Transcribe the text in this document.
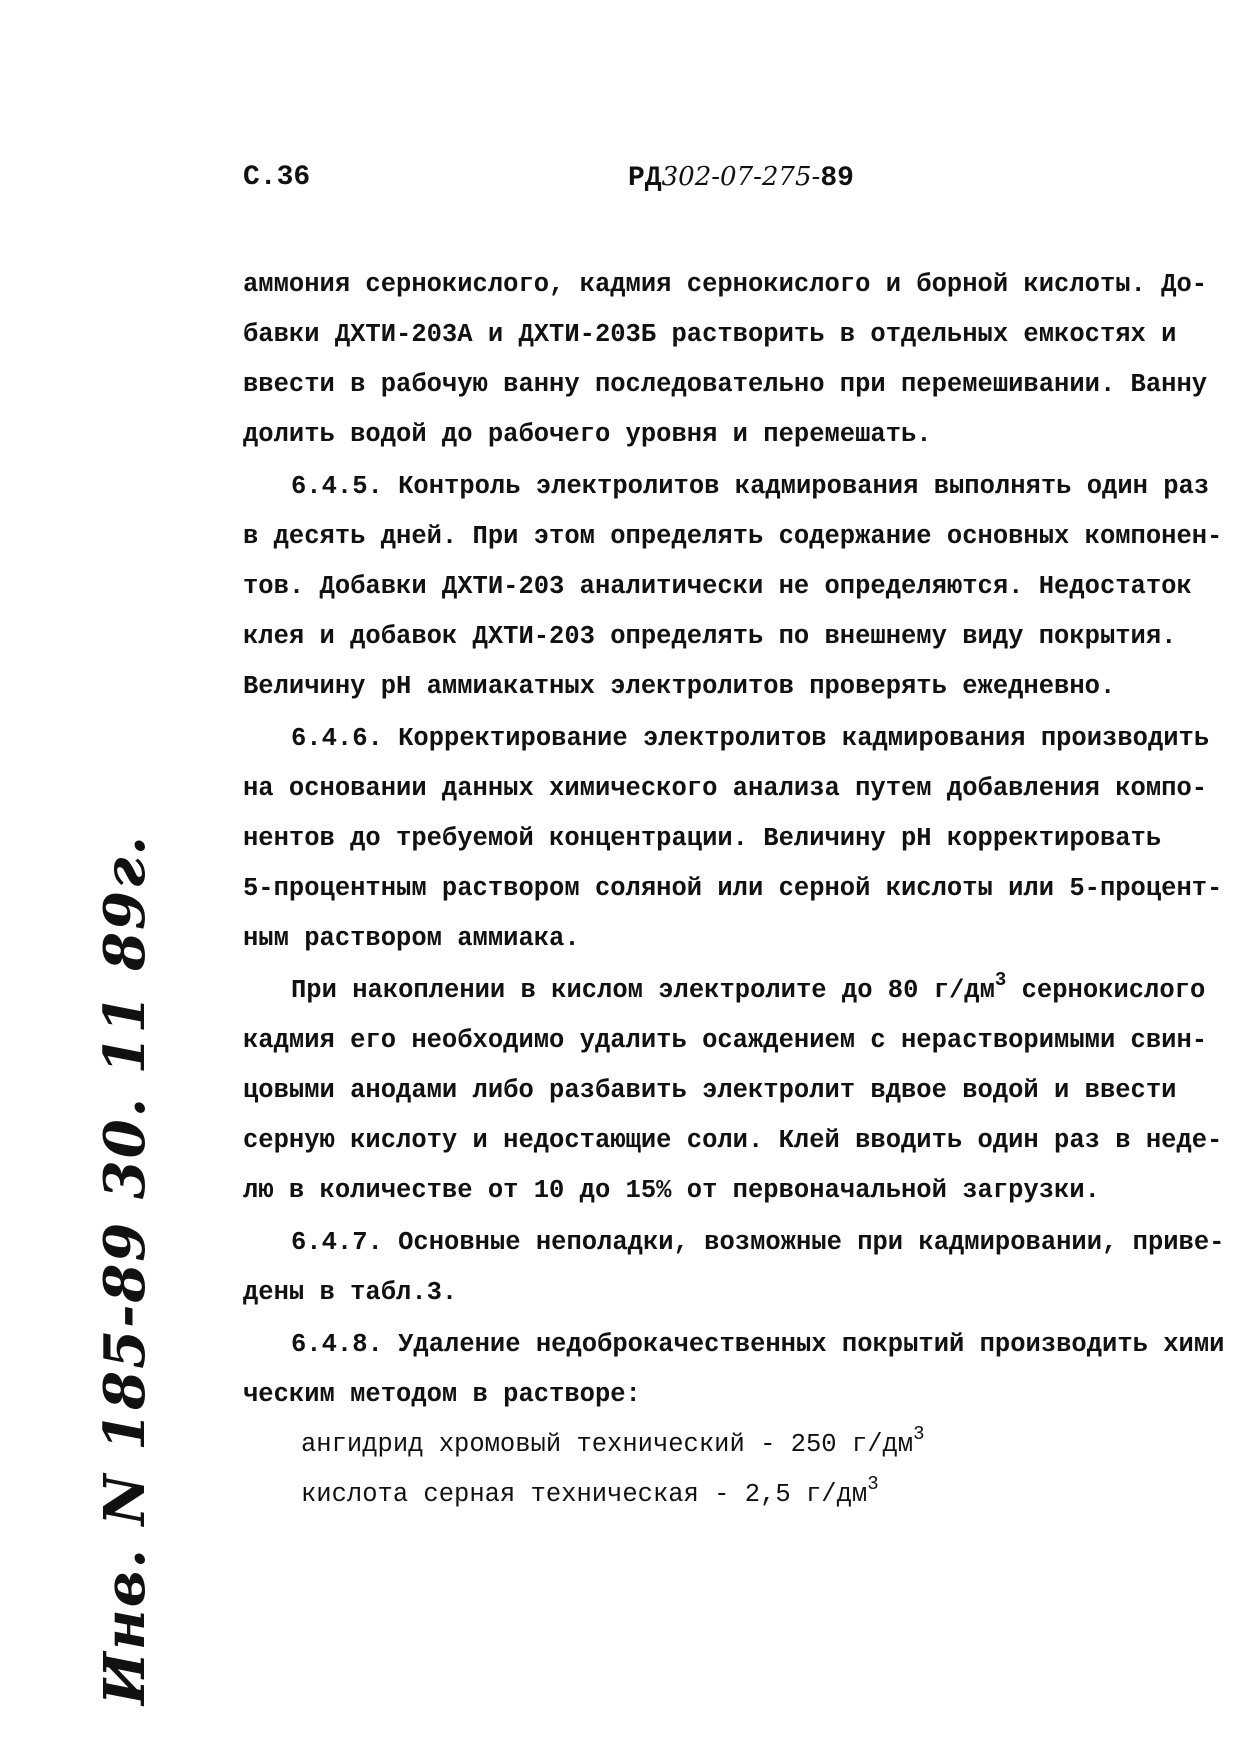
С.36	РД302-07-275-89
аммония сернокислого, кадмия сернокислого и борной кислоты. До-
бавки ДХТИ-203А и ДХТИ-203Б растворить в отдельных емкостях и
ввести в рабочую ванну последовательно при перемешивании. Ванну
долить водой до рабочего уровня и перемешать.
6.4.5. Контроль электролитов кадмирования выполнять один раз
в десять дней. При этом определять содержание основных компонен-
тов. Добавки ДХТИ-203 аналитически не определяются. Недостаток
клея и добавок ДХТИ-203 определять по внешнему виду покрытия.
Величину рН аммиакатных электролитов проверять ежедневно.
6.4.6. Корректирование электролитов кадмирования производить
на основании данных химического анализа путем добавления компо-
нентов до требуемой концентрации. Величину рН корректировать
5-процентным раствором соляной или серной кислоты или 5-процент-
ным раствором аммиака.
При накоплении в кислом электролите до 80 $г/дм^3$ сернокислого
кадмия его необходимо удалить осаждением с нерастворимыми свин-
цовыми анодами либо разбавить электролит вдвое водой и ввести
серную кислоту и недостающие соли. Клей вводить один раз в неде-
лю в количестве от 10 до 15% от первоначальной загрузки.
6.4.7. Основные неполадки, возможные при кадмировании, приве-
дены в табл.3.
6.4.8. Удаление недоброкачественных покрытий производить хими
ческим методом в растворе:
ангидрид хромовый технический - 250 $г/дм^3$
кислота серная техническая - 2,5 $г/дм^3$
Инв. N 185-89 30. 11 89г.
